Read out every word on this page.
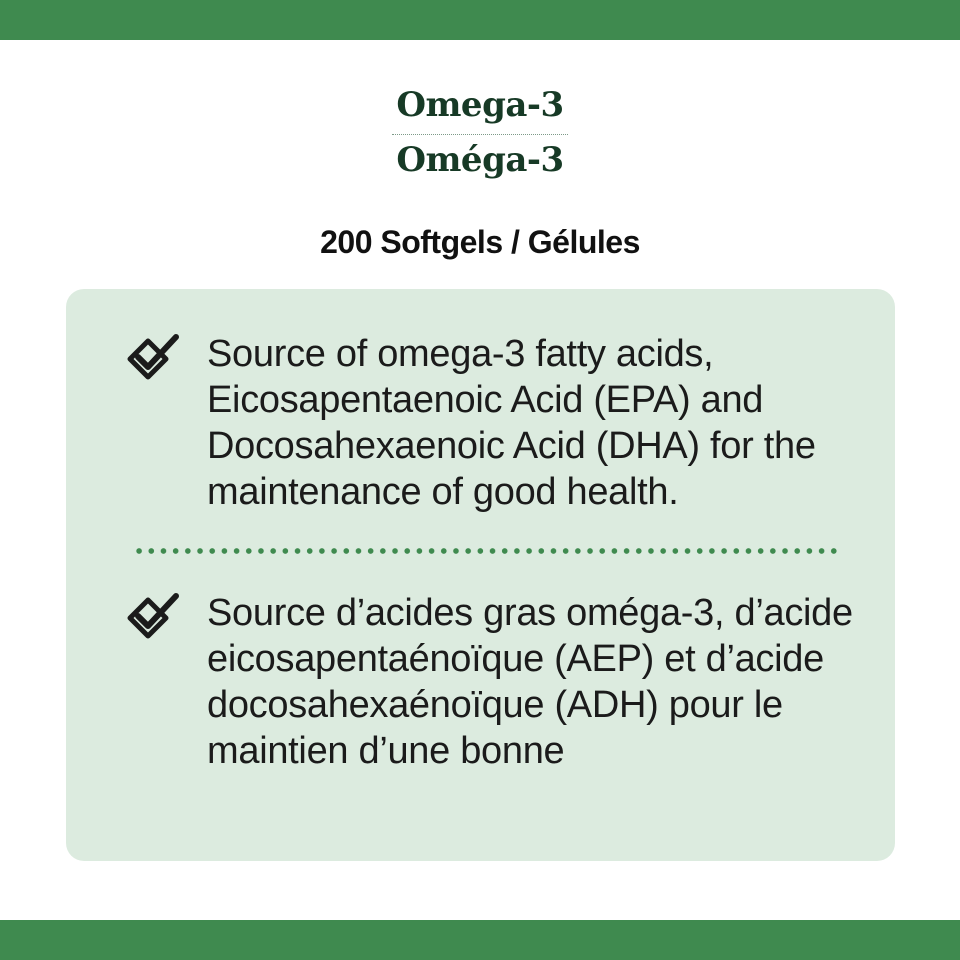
Omega-3
Oméga-3
200 Softgels / Gélules
Source of omega-3 fatty acids, Eicosapentaenoic Acid (EPA) and Docosahexaenoic Acid (DHA) for the maintenance of good health.
Source d’acides gras oméga-3, d’acide eicosapentaénoïque (AEP) et d’acide docosahexaénoïque (ADH) pour le maintien d’une bonne
